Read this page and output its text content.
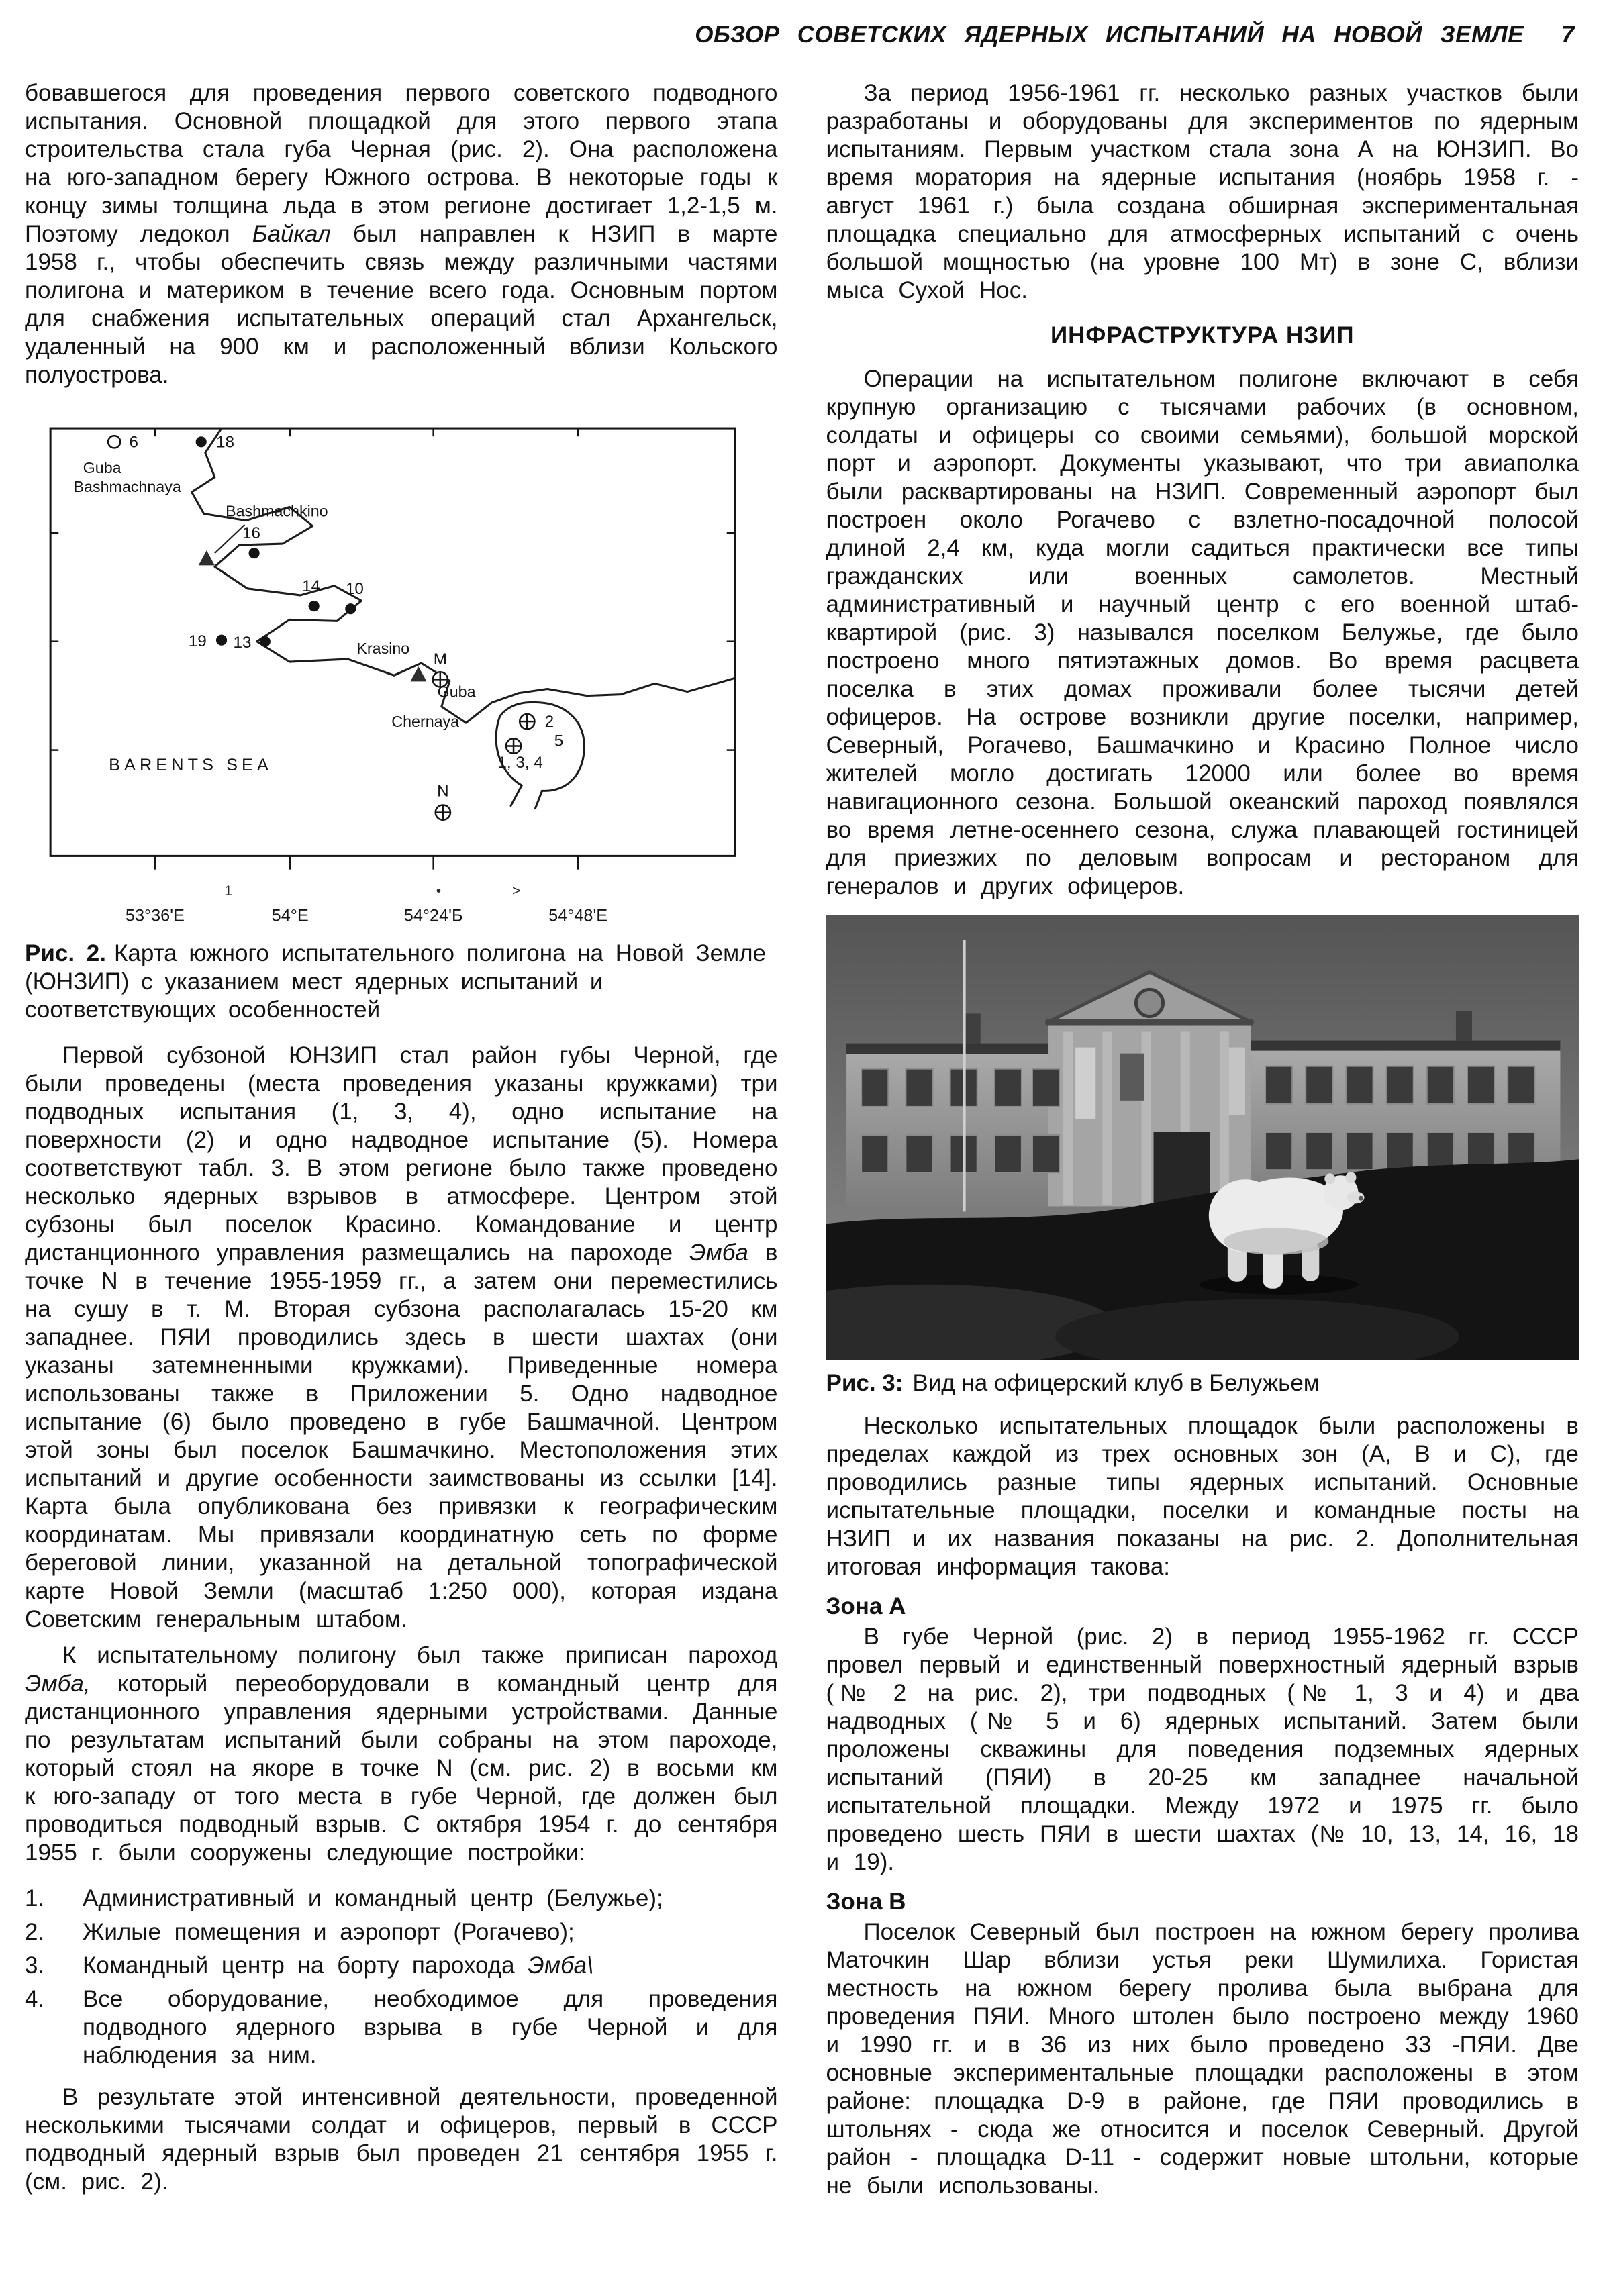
ОБЗОР СОВЕТСКИХ ЯДЕРНЫХ ИСПЫТАНИЙ НА НОВОЙ ЗЕМЛЕ 7

бовавшегося для проведения первого советского подводного испытания. Основной площадкой для этого первого этапа строительства стала губа Черная (рис. 2). Она расположена на юго-западном берегу Южного острова. В некоторые годы к концу зимы толщина льда в этом регионе достигает 1,2-1,5 м. Поэтому ледокол Байкал был направлен к НЗИП в марте 1958 г., чтобы обеспечить связь между различными частями полигона и материком в течение всего года. Основным портом для снабжения испытательных операций стал Архангельск, удаленный на 900 км и расположенный вблизи Кольского полуострова.

6	18
16
14 10
19 13
Guba
Bashmachnaya
Bashmachkino
Krasino
Guba
Chernaya
M
N
2
1, 3, 4
5
BARENTS SEA
1	•	>
53°36'E	54°E	54°24'Б	54°48'E
Рис. 2. Карта южного испытательного полигона на Новой Земле (ЮНЗИП) с указанием мест ядерных испытаний и соответствующих особенностей

Первой субзоной ЮНЗИП стал район губы Черной, где были проведены (места проведения указаны кружками) три подводных испытания (1, 3, 4), одно испытание на поверхности (2) и одно надводное испытание (5). Номера соответствуют табл. 3. В этом регионе было также проведено несколько ядерных взрывов в атмосфере. Центром этой субзоны был поселок Красино. Командование и центр дистанционного управления размещались на пароходе Эмба в точке N в течение 1955-1959 гг., а затем они переместились на сушу в т. М. Вторая субзона располагалась 15-20 км западнее. ПЯИ проводились здесь в шести шахтах (они указаны затемненными кружками). Приведенные номера использованы также в Приложении 5. Одно надводное испытание (6) было проведено в губе Башмачной. Центром этой зоны был поселок Башмачкино. Местоположения этих испытаний и другие особенности заимствованы из ссылки [14]. Карта была опубликована без привязки к географическим координатам. Мы привязали координатную сеть по форме береговой линии, указанной на детальной топографической карте Новой Земли (масштаб 1:250 000), которая издана Советским генеральным штабом.

К испытательному полигону был также приписан пароход Эмба, который переоборудовали в командный центр для дистанционного управления ядерными устройствами. Данные по результатам испытаний были собраны на этом пароходе, который стоял на якоре в точке N (см. рис. 2) в восьми км к юго-западу от того места в губе Черной, где должен был проводиться подводный взрыв. С октября 1954 г. до сентября 1955 г. были сооружены следующие постройки:

1.	Административный и командный центр (Белужье);
2.	Жилые помещения и аэропорт (Рогачево);
3.	Командный центр на борту парохода Эмба\
4.	Все оборудование, необходимое для проведения подводного ядерного взрыва в губе Черной и для наблюдения за ним.

В результате этой интенсивной деятельности, проведенной несколькими тысячами солдат и офицеров, первый в СССР подводный ядерный взрыв был проведен 21 сентября 1955 г. (см. рис. 2).

За период 1956-1961 гг. несколько разных участков были разработаны и оборудованы для экспериментов по ядерным испытаниям. Первым участком стала зона А на ЮНЗИП. Во время моратория на ядерные испытания (ноябрь 1958 г. - август 1961 г.) была создана обширная экспериментальная площадка специально для атмосферных испытаний с очень большой мощностью (на уровне 100 Мт) в зоне С, вблизи мыса Сухой Нос.

ИНФРАСТРУКТУРА НЗИП

Операции на испытательном полигоне включают в себя крупную организацию с тысячами рабочих (в основном, солдаты и офицеры со своими семьями), большой морской порт и аэропорт. Документы указывают, что три авиаполка были расквартированы на НЗИП. Современный аэропорт был построен около Рогачево с взлетно-посадочной полосой длиной 2,4 км, куда могли садиться практически все типы гражданских или военных самолетов. Местный административный и научный центр с его военной штаб-квартирой (рис. 3) назывался поселком Белужье, где было построено много пятиэтажных домов. Во время расцвета поселка в этих домах проживали более тысячи детей офицеров. На острове возникли другие поселки, например, Северный, Рогачево, Башмачкино и Красино Полное число жителей могло достигать 12000 или более во время навигационного сезона. Большой океанский пароход появлялся во время летне-осеннего сезона, служа плавающей гостиницей для приезжих по деловым вопросам и рестораном для генералов и других офицеров.

Рис. 3: Вид на офицерский клуб в Белужьем

Несколько испытательных площадок были расположены в пределах каждой из трех основных зон (А, В и С), где проводились разные типы ядерных испытаний. Основные испытательные площадки, поселки и командные посты на НЗИП и их названия показаны на рис. 2. Дополнительная итоговая информация такова:

Зона А

В губе Черной (рис. 2) в период 1955-1962 гг. СССР провел первый и единственный поверхностный ядерный взрыв (№ 2 на рис. 2), три подводных (№ 1, 3 и 4) и два надводных (№ 5 и 6) ядерных испытаний. Затем были проложены скважины для поведения подземных ядерных испытаний (ПЯИ) в 20-25 км западнее начальной испытательной площадки. Между 1972 и 1975 гг. было проведено шесть ПЯИ в шести шахтах (№ 10, 13, 14, 16, 18 и 19).

Зона В

Поселок Северный был построен на южном берегу пролива Маточкин Шар вблизи устья реки Шумилиха. Гористая местность на южном берегу пролива была выбрана для проведения ПЯИ. Много штолен было построено между 1960 и 1990 гг. и в 36 из них было проведено 33 -ПЯИ. Две основные экспериментальные площадки расположены в этом районе: площадка D-9 в районе, где ПЯИ проводились в штольнях - сюда же относится и поселок Северный. Другой район - площадка D-11 - содержит новые штольни, которые не были использованы.
